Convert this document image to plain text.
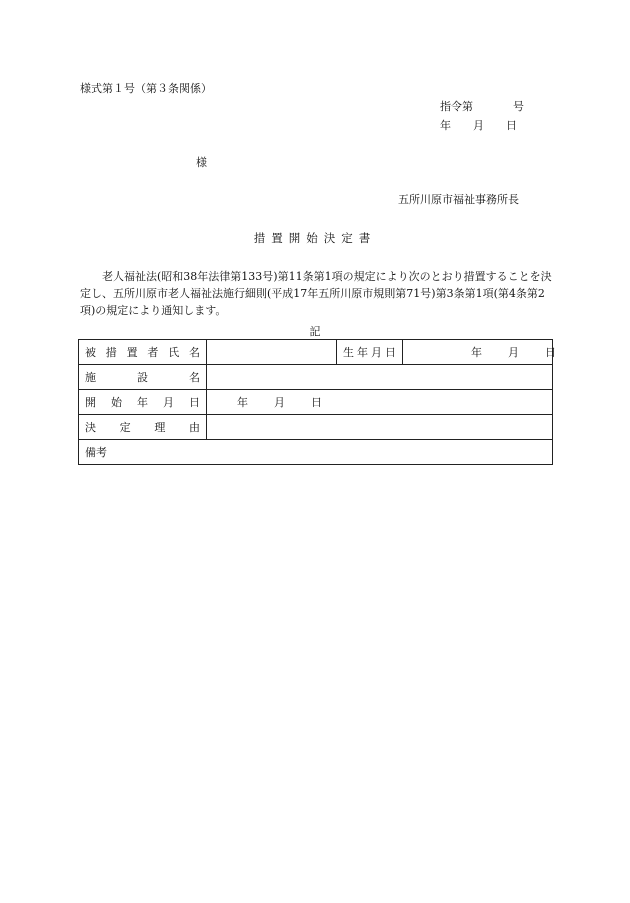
様式第１号（第３条関係）
指令第	号
年 月 日
様
五所川原市福祉事務所長
措置開始決定書
老人福祉法(昭和38年法律第133号)第11条第1項の規定により次のとおり措置することを決定し、五所川原市老人福祉法施行細則(平成17年五所川原市規則第71号)第3条第1項(第4条第2項)の規定により通知します。
記
被措置者氏名		生年月日	年 月 日
施設名			
開始年月日	年 月 日		
決定理由			
備考			
